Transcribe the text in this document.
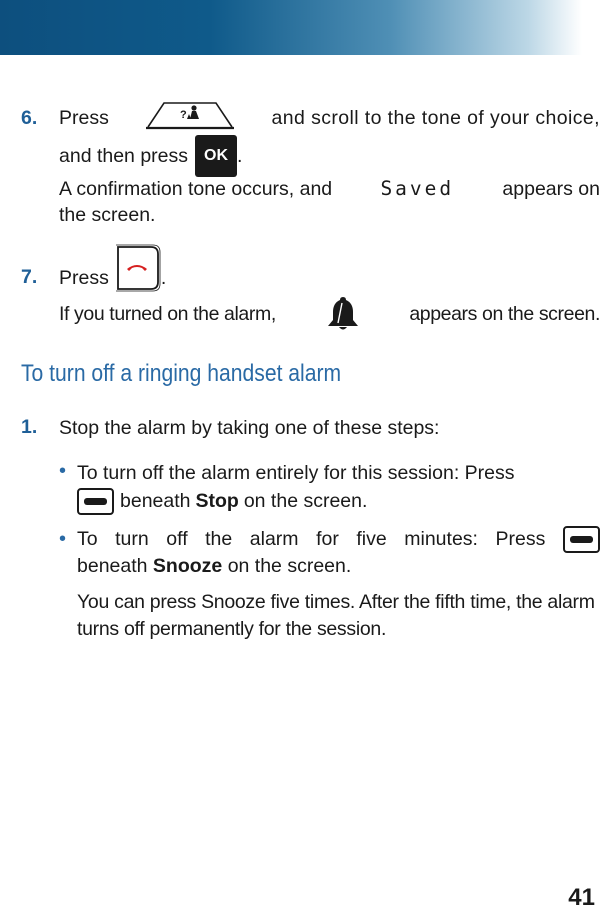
6. Press	?	and scroll to the tone of your choice,
and then press	OK .
A confirmation tone occurs, and Saved appears on
the screen.
7. Press	.
If you turned on the alarm,	appears on the screen.
To turn off a ringing handset alarm
1. Stop the alarm by taking one of these steps:
• To turn off the alarm entirely for this session: Press
beneath Stop on the screen.
• To turn off the alarm for five minutes: Press
beneath Snooze on the screen.
You can press Snooze five times. After the fifth time, the alarm turns off permanently for the session.
41
